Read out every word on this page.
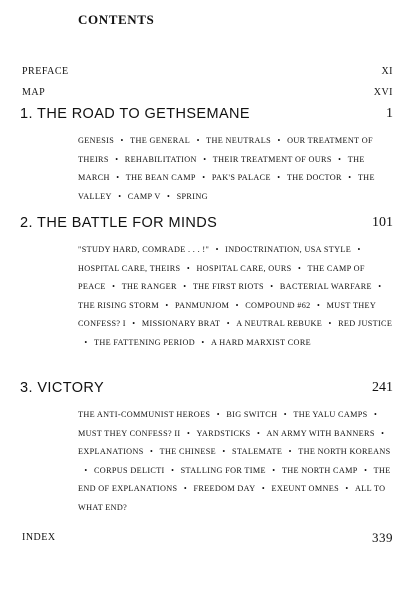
CONTENTS
PREFACE	XI
MAP	XVI
1. THE ROAD TO GETHSEMANE	1
GENESIS • THE GENERAL • THE NEUTRALS • OUR TREATMENT OF THEIRS • REHABILITATION • THEIR TREATMENT OF OURS • THE MARCH • THE BEAN CAMP • PAK'S PALACE • THE DOCTOR • THE VALLEY • CAMP V • SPRING
2. THE BATTLE FOR MINDS	101
"STUDY HARD, COMRADE . . . !" • INDOCTRINATION, USA STYLE •HOSPITAL CARE, THEIRS • HOSPITAL CARE, OURS • THE CAMP OF PEACE • THE RANGER • THE FIRST RIOTS • BACTERIAL WARFARE •THE RISING STORM • PANMUNJOM • COMPOUND #62 • MUST THEY CONFESS? I • MISSIONARY BRAT • A NEUTRAL REBUKE • RED JUSTICE• THE FATTENING PERIOD • A HARD MARXIST CORE
3. VICTORY	241
THE ANTI-COMMUNIST HEROES • BIG SWITCH • THE YALU CAMPS •MUST THEY CONFESS? II • YARDSTICKS • AN ARMY WITH BANNERS •EXPLANATIONS • THE CHINESE • STALEMATE • THE NORTH KOREANS• CORPUS DELICTI • STALLING FOR TIME • THE NORTH CAMP • THE END OF EXPLANATIONS • FREEDOM DAY • EXEUNT OMNES • ALL TO WHAT END?
INDEX	339
